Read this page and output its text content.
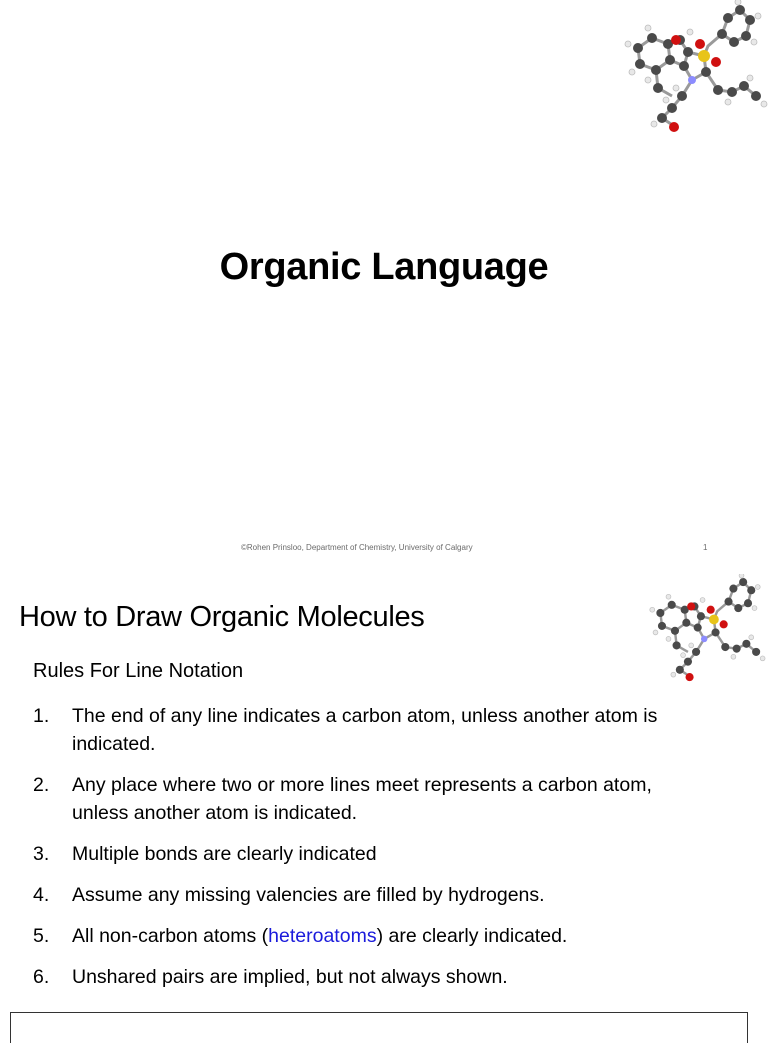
Organic Language
©Rohen Prinsloo, Department of Chemistry, University of Calgary	1
How to Draw Organic Molecules
Rules For Line Notation
1. The end of any line indicates a carbon atom, unless another atom is
indicated.
2. Any place where two or more lines meet represents a carbon atom,
unless another atom is indicated.
3. Multiple bonds are clearly indicated
4. Assume any missing valencies are filled by hydrogens.
5. All non-carbon atoms (heteroatoms) are clearly indicated.
6. Unshared pairs are implied, but not always shown.
